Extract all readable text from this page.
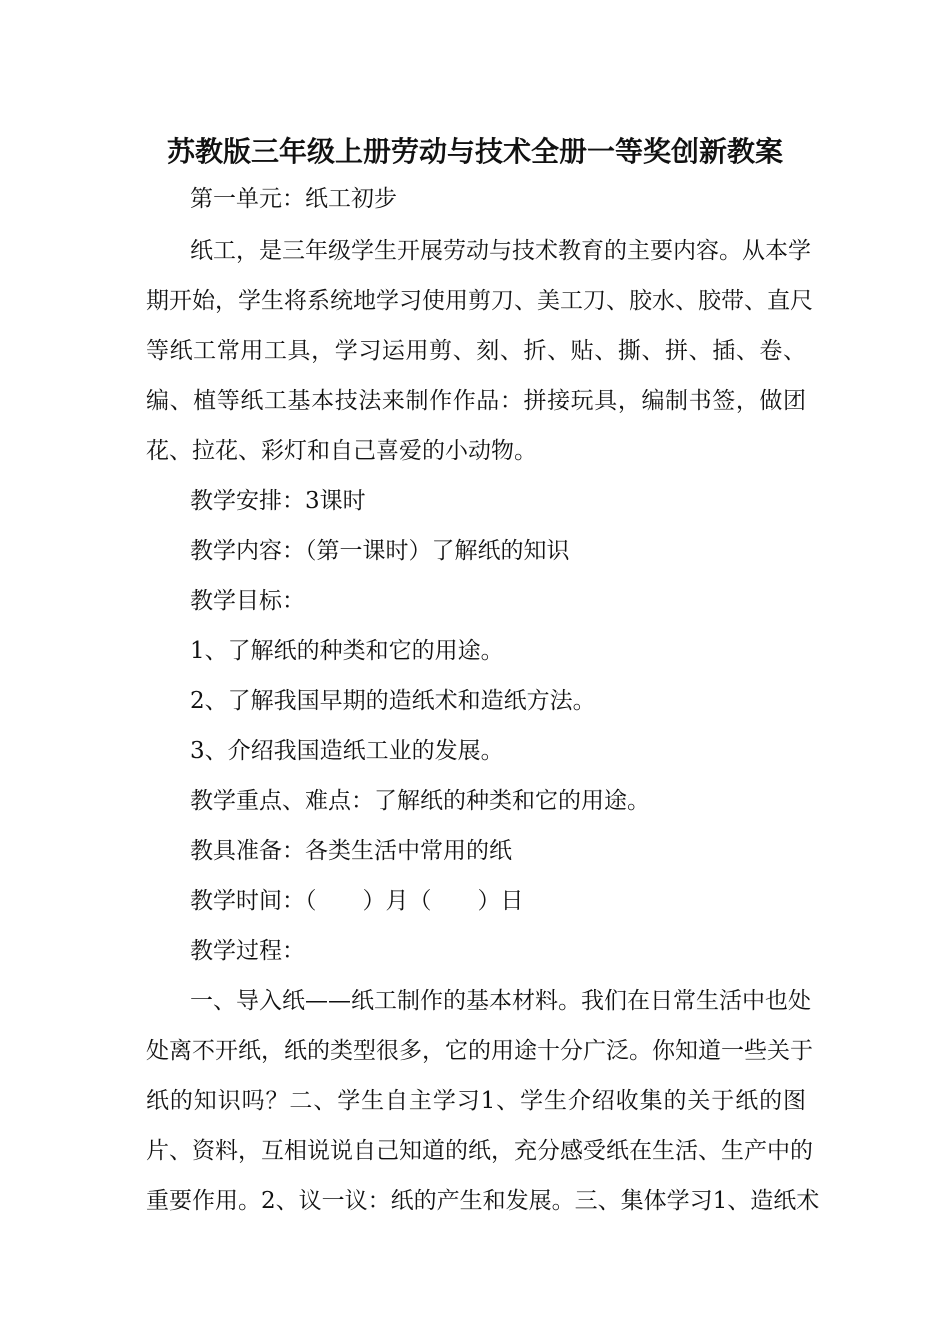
苏教版三年级上册劳动与技术全册一等奖创新教案
第一单元：纸工初步
纸工，是三年级学生开展劳动与技术教育的主要内容。从本学
期开始，学生将系统地学习使用剪刀、美工刀、胶水、胶带、直尺
等纸工常用工具，学习运用剪、刻、折、贴、撕、拼、插、卷、
编、植等纸工基本技法来制作作品：拼接玩具，编制书签，做团
花、拉花、彩灯和自己喜爱的小动物。
教学安排：3课时
教学内容：（第一课时）了解纸的知识
教学目标：
1、了解纸的种类和它的用途。
2、了解我国早期的造纸术和造纸方法。
3、介绍我国造纸工业的发展。
教学重点、难点：了解纸的种类和它的用途。
教具准备：各类生活中常用的纸
教学时间：（　　）月（　　）日
教学过程：
一、导入纸——纸工制作的基本材料。我们在日常生活中也处
处离不开纸，纸的类型很多，它的用途十分广泛。你知道一些关于
纸的知识吗？二、学生自主学习1、学生介绍收集的关于纸的图
片、资料，互相说说自己知道的纸，充分感受纸在生活、生产中的
重要作用。2、议一议：纸的产生和发展。三、集体学习1、造纸术
